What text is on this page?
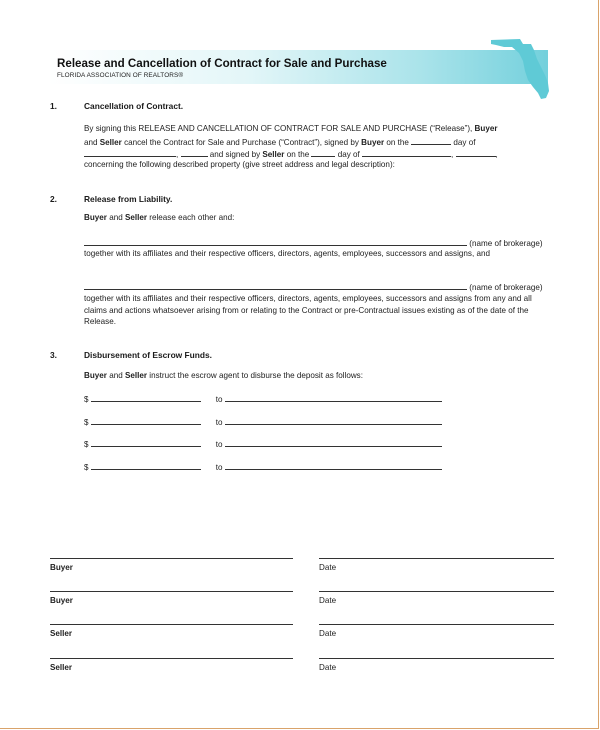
Release and Cancellation of Contract for Sale and Purchase
FLORIDA ASSOCIATION OF REALTORS®
1.	Cancellation of Contract.
By signing this RELEASE AND CANCELLATION OF CONTRACT FOR SALE AND PURCHASE (“Release”), Buyer
and Seller cancel the Contract for Sale and Purchase (“Contract”), signed by Buyer on the	day of
,	and signed by Seller on the	day of	,	,
concerning the following described property (give street address and legal description):
2.	Release from Liability.
Buyer and Seller release each other and:
(name of brokerage)
together with its affiliates and their respective officers, directors, agents, employees, successors and assigns, and
(name of brokerage)
together with its affiliates and their respective officers, directors, agents, employees, successors and assigns from any and all claims and actions whatsoever arising from or relating to the Contract or pre-Contractual issues existing as of the date of the Release.
3.	Disbursement of Escrow Funds.
Buyer and Seller instruct the escrow agent to disburse the deposit as follows:
$	to
$	to
$	to
$	to
Buyer	Date
Buyer	Date
Seller	Date
Seller	Date
